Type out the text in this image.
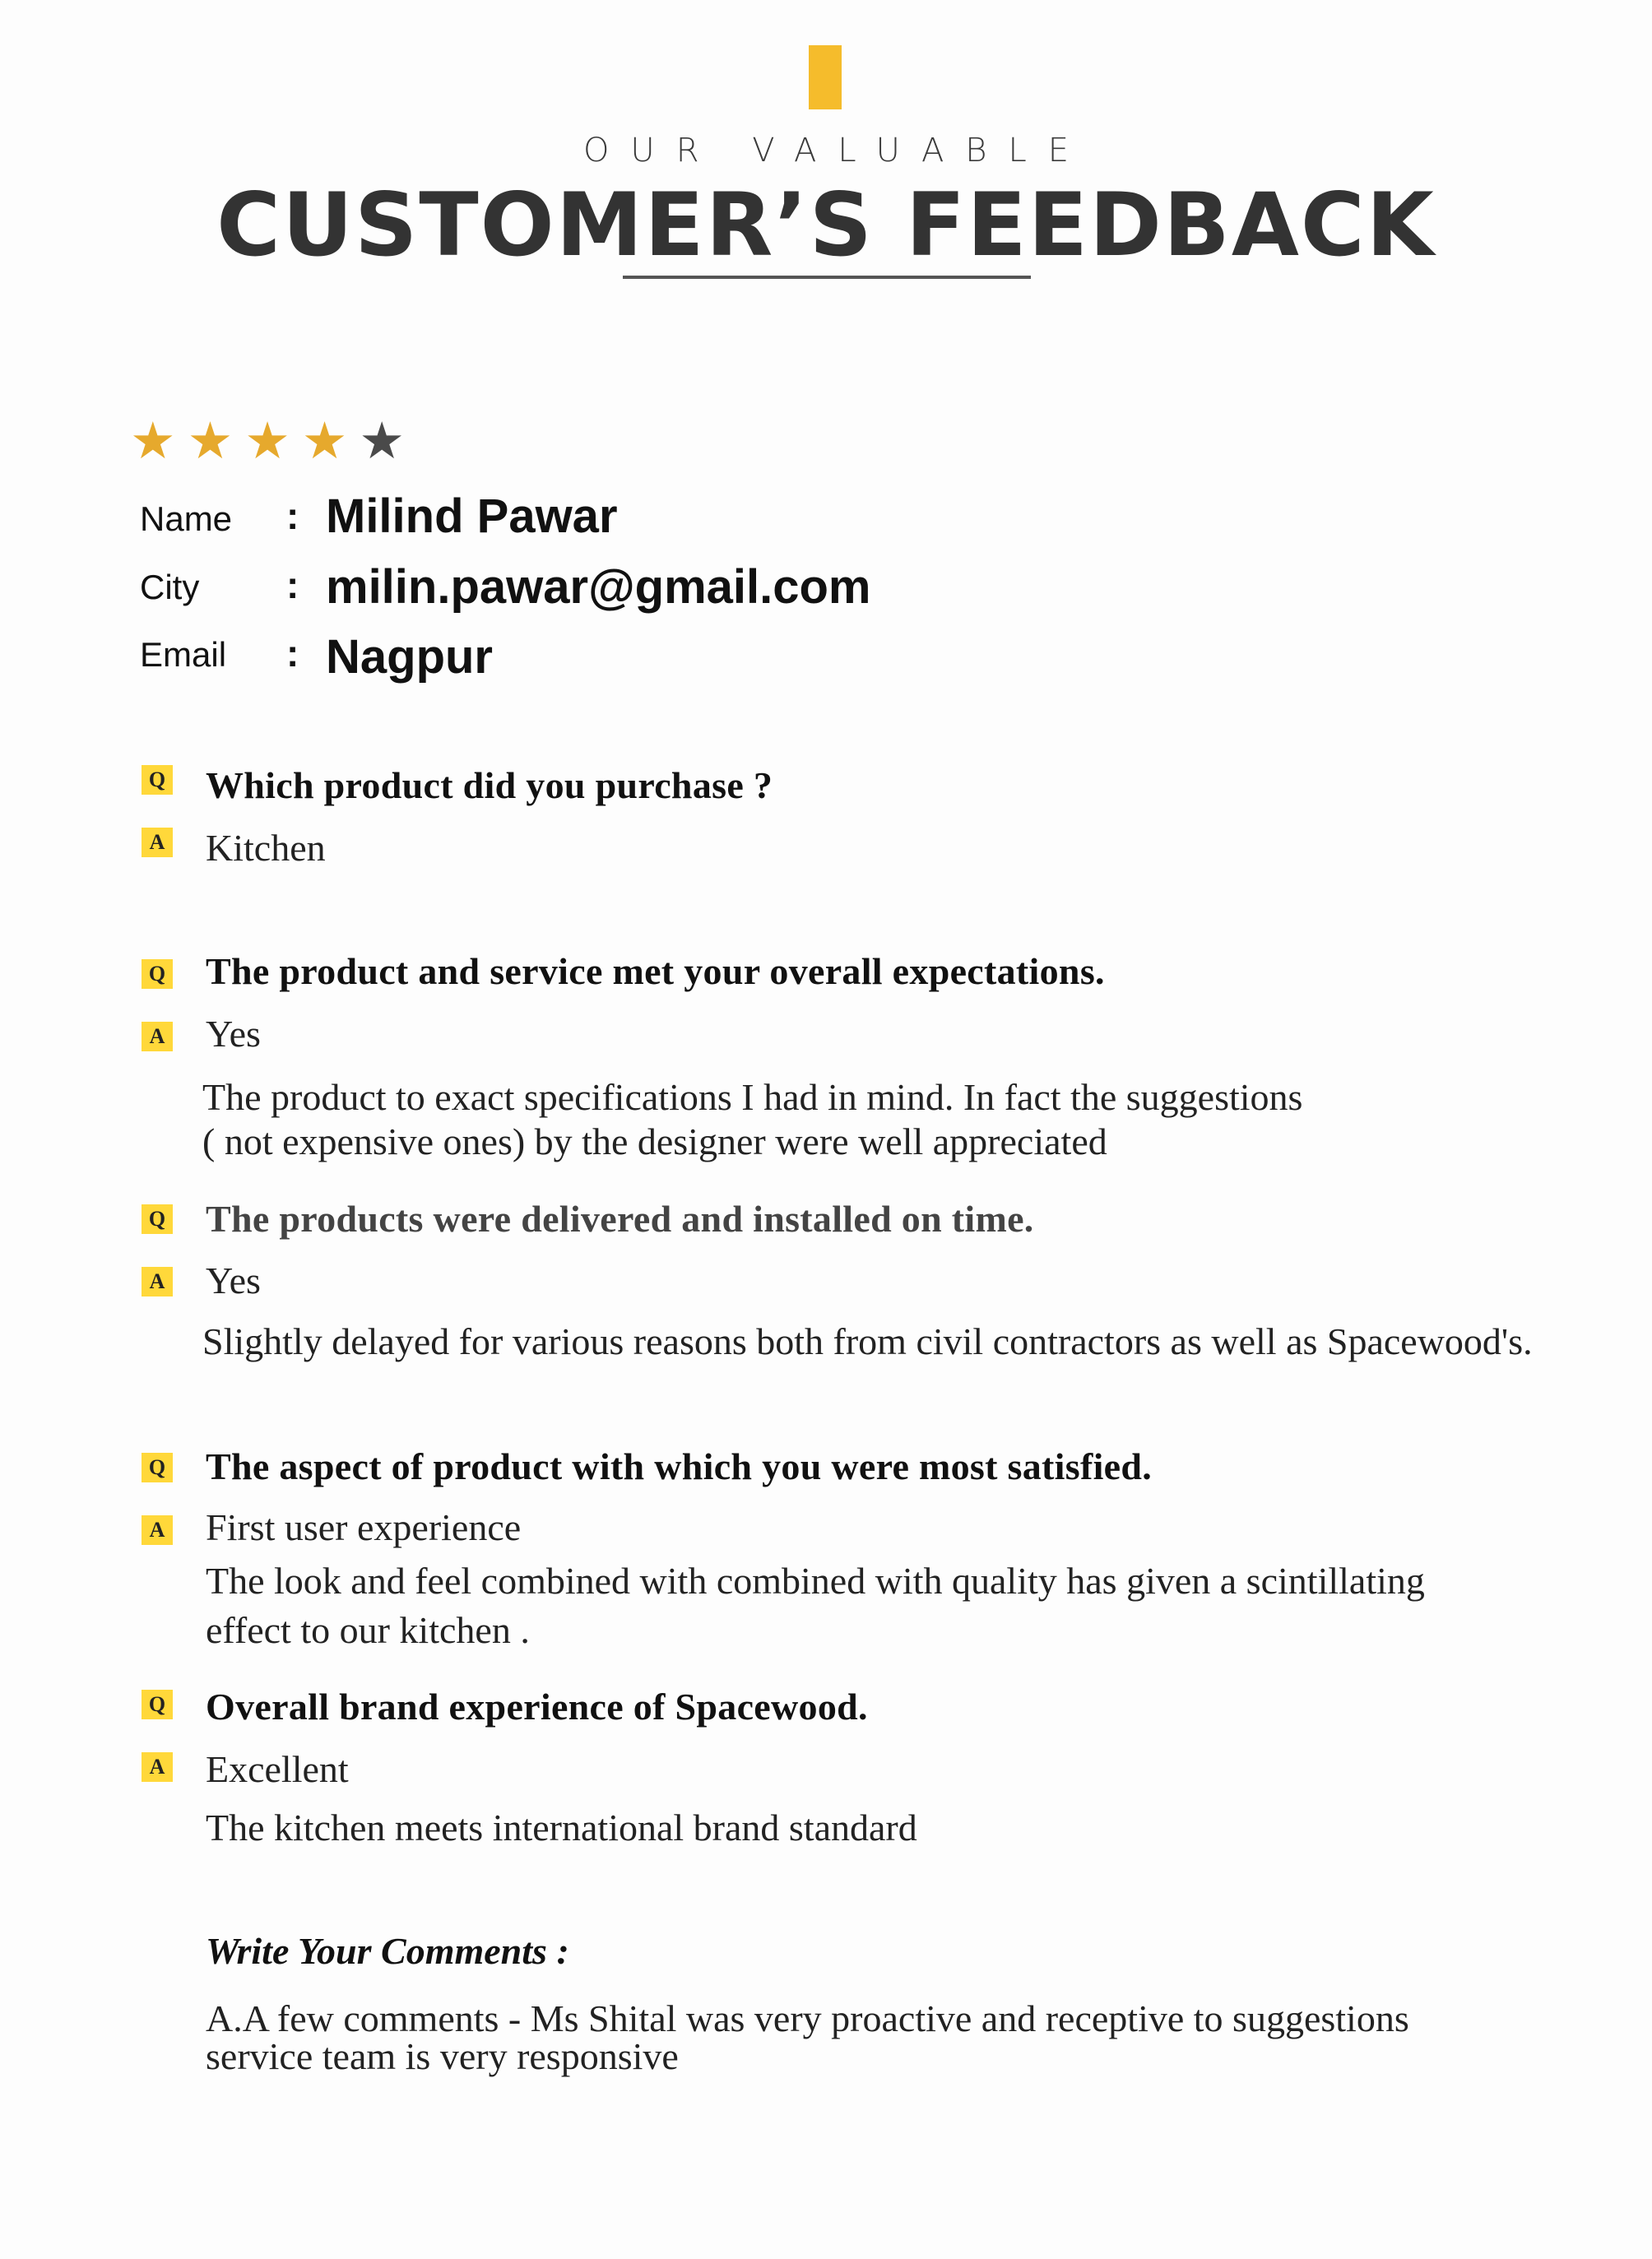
OUR VALUABLE
CUSTOMER’S FEEDBACK
★ ★ ★ ★ ★
Name : Milind Pawar
City : milin.pawar@gmail.com
Email : Nagpur
Q Which product did you purchase ?
A Kitchen
Q The product and service met your overall expectations.
A Yes
The product to exact specifications I had in mind. In fact the suggestions
( not expensive ones) by the designer were well appreciated
Q The products were delivered and installed on time.
A Yes
Slightly delayed for various reasons both from civil contractors as well as Spacewood's.
Q The aspect of product with which you were most satisfied.
A First user experience
The look and feel combined with combined with quality has given a scintillating
effect to our kitchen .
Q Overall brand experience of Spacewood.
A Excellent
The kitchen meets international brand standard
Write Your Comments :
A.A few comments - Ms Shital was very proactive and receptive to suggestions
service team is very responsive
